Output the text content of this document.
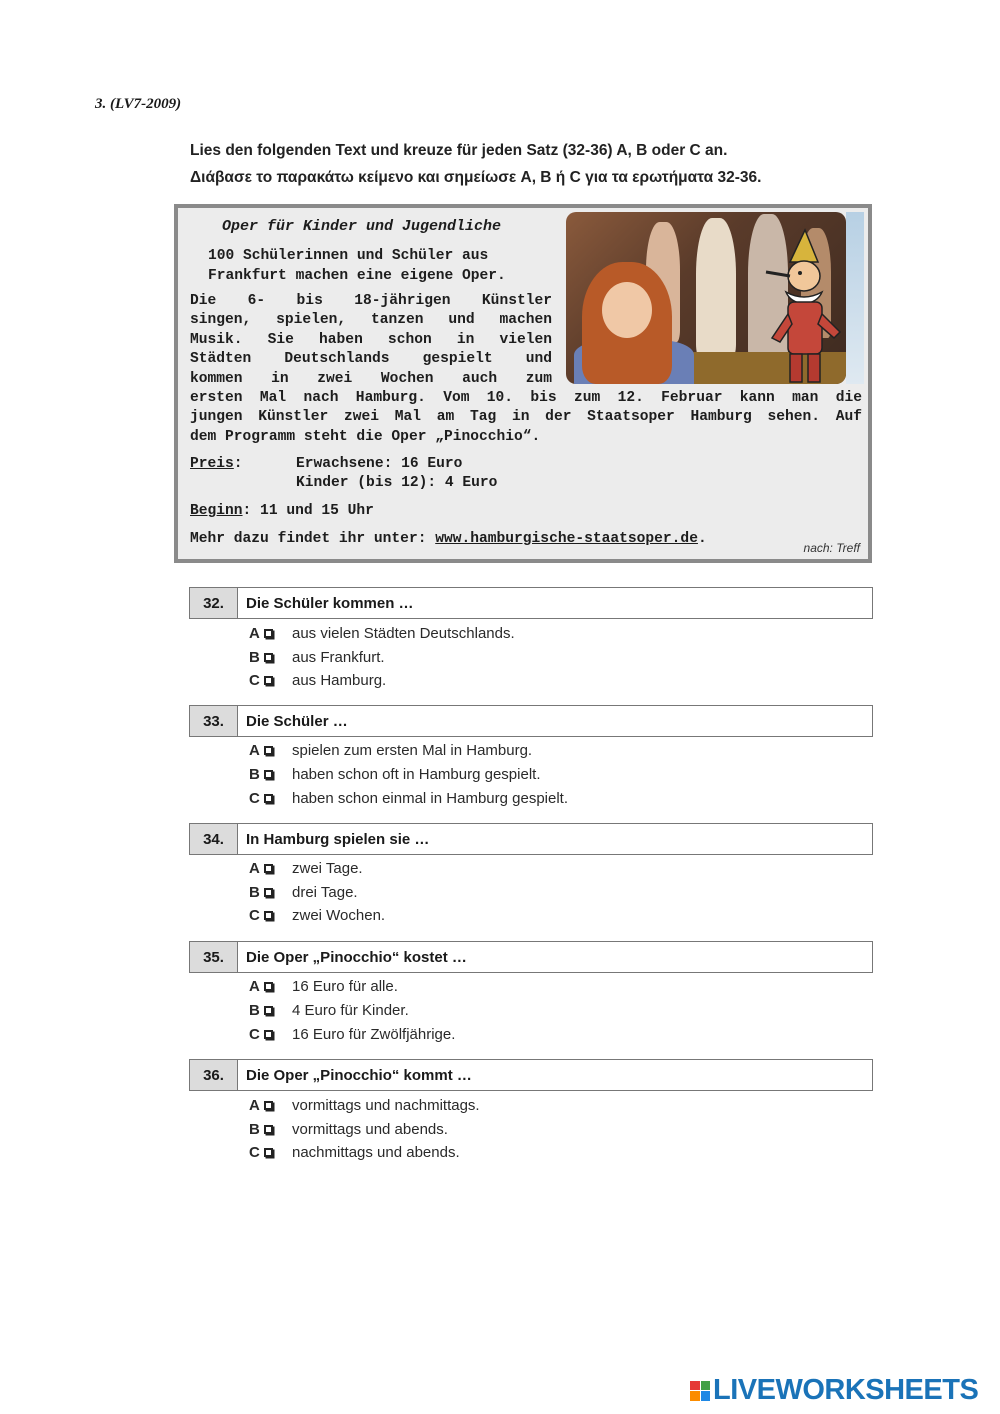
3. (LV7-2009)
Lies den folgenden Text und kreuze für jeden Satz (32-36) A, B oder C an.
Διάβασε το παρακάτω κείμενο και σημείωσε A, B ή C για τα ερωτήματα 32-36.
Oper für Kinder und Jugendliche
100 Schülerinnen und Schüler aus
Frankfurt machen eine eigene Oper.
Die 6- bis 18-jährigen Künstler
singen, spielen, tanzen und machen
Musik. Sie haben schon in vielen
Städten Deutschlands gespielt und
kommen in zwei Wochen auch zum
ersten Mal nach Hamburg. Vom 10. bis zum 12. Februar kann man die
jungen Künstler zwei Mal am Tag in der Staatsoper Hamburg sehen. Auf
dem Programm steht die Oper „Pinocchio“.
Preis:	Erwachsene: 16 Euro
Kinder (bis 12): 4 Euro
Beginn: 11 und 15 Uhr
Mehr dazu findet ihr unter: www.hamburgische-staatsoper.de.
nach: Treff
32.	Die Schüler kommen …
A aus vielen Städten Deutschlands.
B aus Frankfurt.
C aus Hamburg.
33.	Die Schüler …
A spielen zum ersten Mal in Hamburg.
B haben schon oft in Hamburg gespielt.
C haben schon einmal in Hamburg gespielt.
34.	In Hamburg spielen sie …
A zwei Tage.
B drei Tage.
C zwei Wochen.
35.	Die Oper „Pinocchio“ kostet …
A 16 Euro für alle.
B 4 Euro für Kinder.
C 16 Euro für Zwölfjährige.
36.	Die Oper „Pinocchio“ kommt …
A vormittags und nachmittags.
B vormittags und abends.
C nachmittags und abends.
LIVEWORKSHEETS
